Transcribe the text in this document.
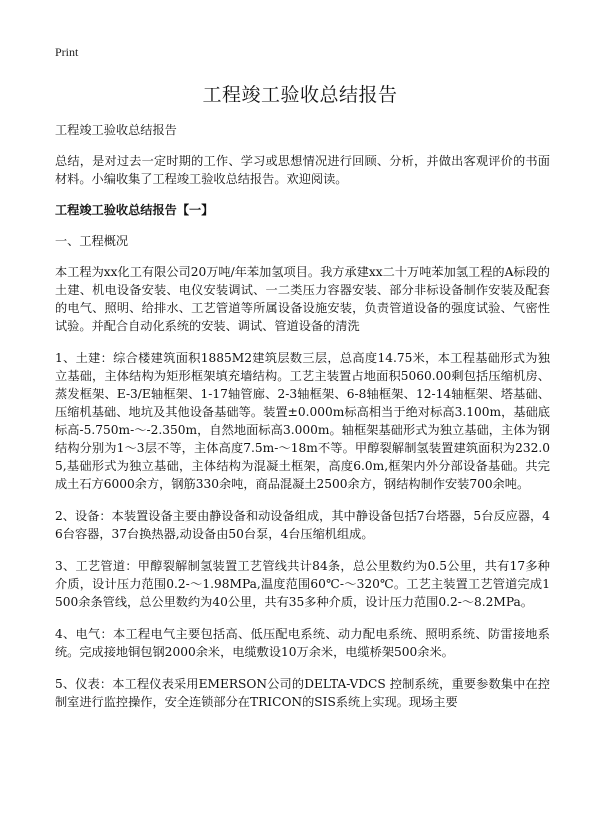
Print
工程竣工验收总结报告

工程竣工验收总结报告

总结，是对过去一定时期的工作、学习或思想情况进行回顾、分析，并做出客观评价的书面材料。小编收集了工程竣工验收总结报告。欢迎阅读。

工程竣工验收总结报告【一】

一、工程概况

本工程为xx化工有限公司20万吨/年苯加氢项目。我方承建xx二十万吨苯加氢工程的A标段的土建、机电设备安装、电仪安装调试、一二类压力容器安装、部分非标设备制作安装及配套的电气、照明、给排水、工艺管道等所属设备设施安装，负责管道设备的强度试验、气密性试验。并配合自动化系统的安装、调试、管道设备的清洗

1、土建：综合楼建筑面积1885M2建筑层数三层，总高度14.75米，本工程基础形式为独立基础，主体结构为矩形框架填充墙结构。工艺主装置占地面积5060.00剩包括压缩机房、蒸发框架、E-3/E轴框架、1-17轴管廊、2-3轴框架、6-8轴框架、12-14轴框架、塔基础、压缩机基础、地坑及其他设备基础等。装置±0.000m标高相当于绝对标高3.100m，基础底标高-5.750m-～-2.350m，自然地面标高3.000m。轴框架基础形式为独立基础，主体为钢结构分别为1～3层不等，主体高度7.5m-～18m不等。甲醇裂解制氢装置建筑面积为232.05,基础形式为独立基础，主体结构为混凝土框架，高度6.0m,框架内外分部设备基础。共完成土石方6000余方，钢筋330余吨，商品混凝土2500余方，钢结构制作安装700余吨。

2、设备：本装置设备主要由静设备和动设备组成，其中静设备包括7台塔器，5台反应器，46台容器，37台换热器,动设备由50台泵，4台压缩机组成。

3、工艺管道：甲醇裂解制氢装置工艺管线共计84条，总公里数约为0.5公里，共有17多种介质，设计压力范围0.2-～1.98MPa,温度范围60℃-～320℃。工艺主装置工艺管道完成1500余条管线，总公里数约为40公里，共有35多种介质，设计压力范围0.2-～8.2MPa。

4、电气：本工程电气主要包括高、低压配电系统、动力配电系统、照明系统、防雷接地系统。完成接地铜包钢2000余米，电缆敷设10万余米，电缆桥架500余米。

5、仪表：本工程仪表采用EMERSON公司的DELTA-VDCS 控制系统，重要参数集中在控制室进行监控操作，安全连锁部分在TRICON的SIS系统上实现。现场主要
